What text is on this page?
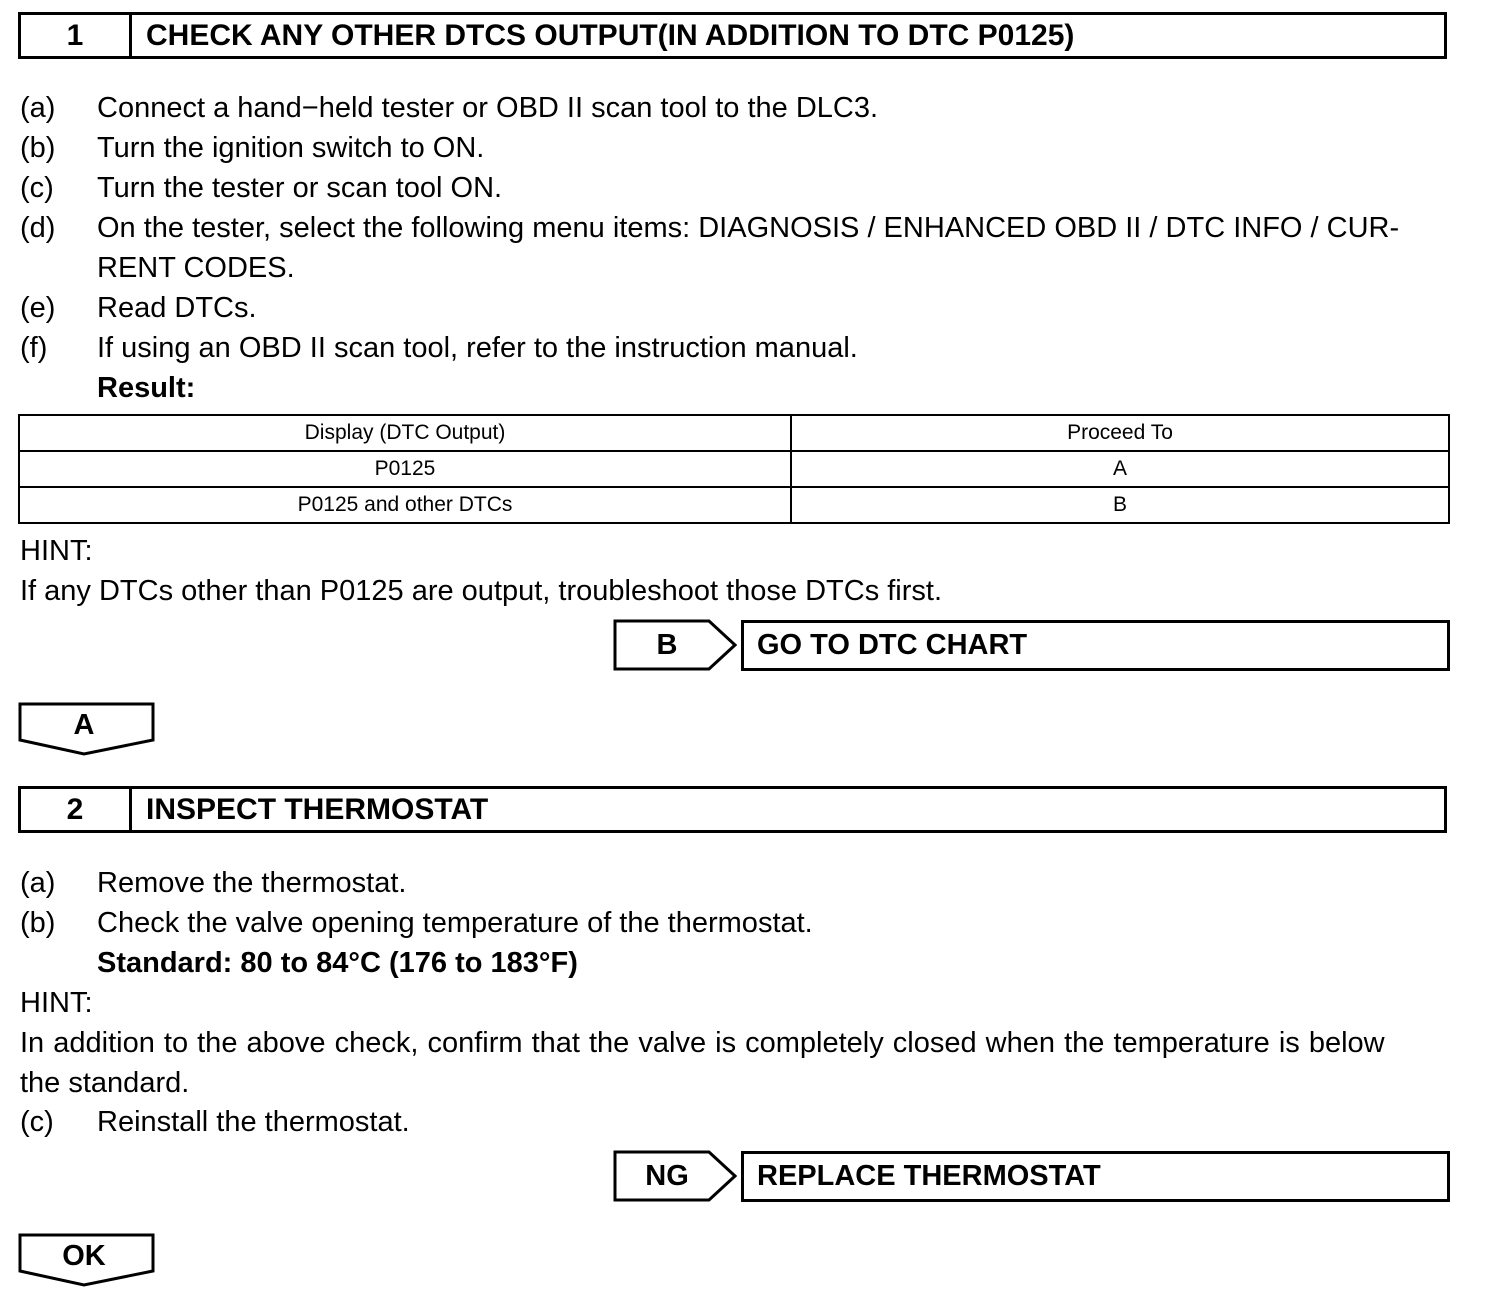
1	CHECK ANY OTHER DTCS OUTPUT(IN ADDITION TO DTC P0125)
(a) Connect a hand−held tester or OBD II scan tool to the DLC3.
(b) Turn the ignition switch to ON.
(c) Turn the tester or scan tool ON.
(d) On the tester, select the following menu items: DIAGNOSIS / ENHANCED OBD II / DTC INFO / CUR-
RENT CODES.
(e) Read DTCs.
(f) If using an OBD II scan tool, refer to the instruction manual.
Result:
Display (DTC Output)	Proceed To
P0125	A
P0125 and other DTCs	B
HINT:
If any DTCs other than P0125 are output, troubleshoot those DTCs first.
B	GO TO DTC CHART
A
2	INSPECT THERMOSTAT
(a) Remove the thermostat.
(b) Check the valve opening temperature of the thermostat.
Standard: 80 to 84°C (176 to 183°F)
HINT:
In addition to the above check, confirm that the valve is completely closed when the temperature is below
the standard.
(c) Reinstall the thermostat.
NG	REPLACE THERMOSTAT
OK
